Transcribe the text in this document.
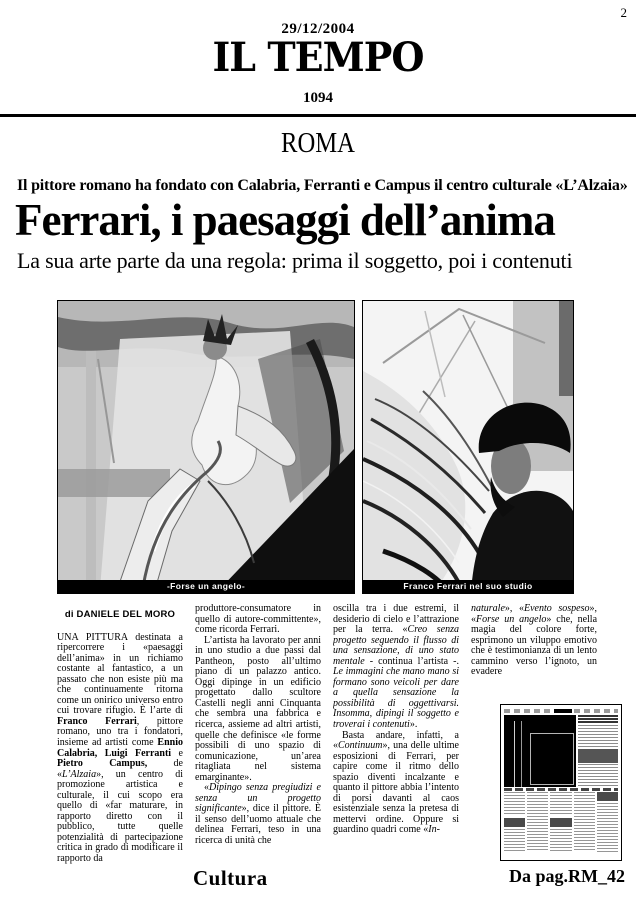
2
29/12/2004
IL TEMPO
1094
ROMA
Il pittore romano ha fondato con Calabria, Ferranti e Campus il centro culturale «L’Alzaia»
Ferrari, i paesaggi dell’anima
La sua arte parte da una regola: prima il soggetto, poi i contenuti
-Forse un angelo-	Franco Ferrari nel suo studio

di DANIELE DEL MORO

UNA PITTURA destinata a ripercorrere i «paesaggi dell’anima» in un richiamo costante al fantastico, a un passato che non esiste più ma che continuamente ritorna come un onirico universo entro cui trovare rifugio. È l’arte di Franco Ferrari, pittore romano, uno tra i fondatori, insieme ad artisti come Ennio Calabria, Luigi Ferranti e Pietro Campus, de «L’Alzaia», un centro di promozione artistica e culturale, il cui scopo era quello di «far maturare, in rapporto diretto con il pubblico, tutte quelle potenzialità di partecipazione critica in grado di modificare il rapporto da

produttore-consumatore in quello di autore-committente», come ricorda Ferrari.

L’artista ha lavorato per anni in uno studio a due passi dal Pantheon, posto all’ultimo piano di un palazzo antico. Oggi dipinge in un edificio progettato dallo scultore Castelli negli anni Cinquanta che sembra una fabbrica e ricerca, assieme ad altri artisti, quelle che definisce «le forme possibili di uno spazio di comunicazione, un’area ritagliata nel sistema emarginante».

«Dipingo senza pregiudizi e senza un progetto significante», dice il pittore. È il senso dell’uomo attuale che delinea Ferrari, teso in una ricerca di unità che

oscilla tra i due estremi, il desiderio di cielo e l’attrazione per la terra. «Creo senza progetto seguendo il flusso di una sensazione, di uno stato mentale - continua l’artista -. Le immagini che mano mano si formano sono veicoli per dare a quella sensazione la possibilità di oggettivarsi. Insomma, dipingi il soggetto e troverai i contenuti».

Basta andare, infatti, a «Continuum», una delle ultime esposizioni di Ferrari, per capire come il ritmo dello spazio diventi incalzante e quanto il pittore abbia l’intento di porsi davanti al caos esistenziale senza la pretesa di mettervi ordine. Oppure si guardino quadri come «In-

naturale», «Evento sospeso», «Forse un angelo» che, nella magia del colore forte, esprimono un viluppo emotivo che è testimonianza di un lento cammino verso l’ignoto, un evadere

Cultura	Da pag.RM_42
